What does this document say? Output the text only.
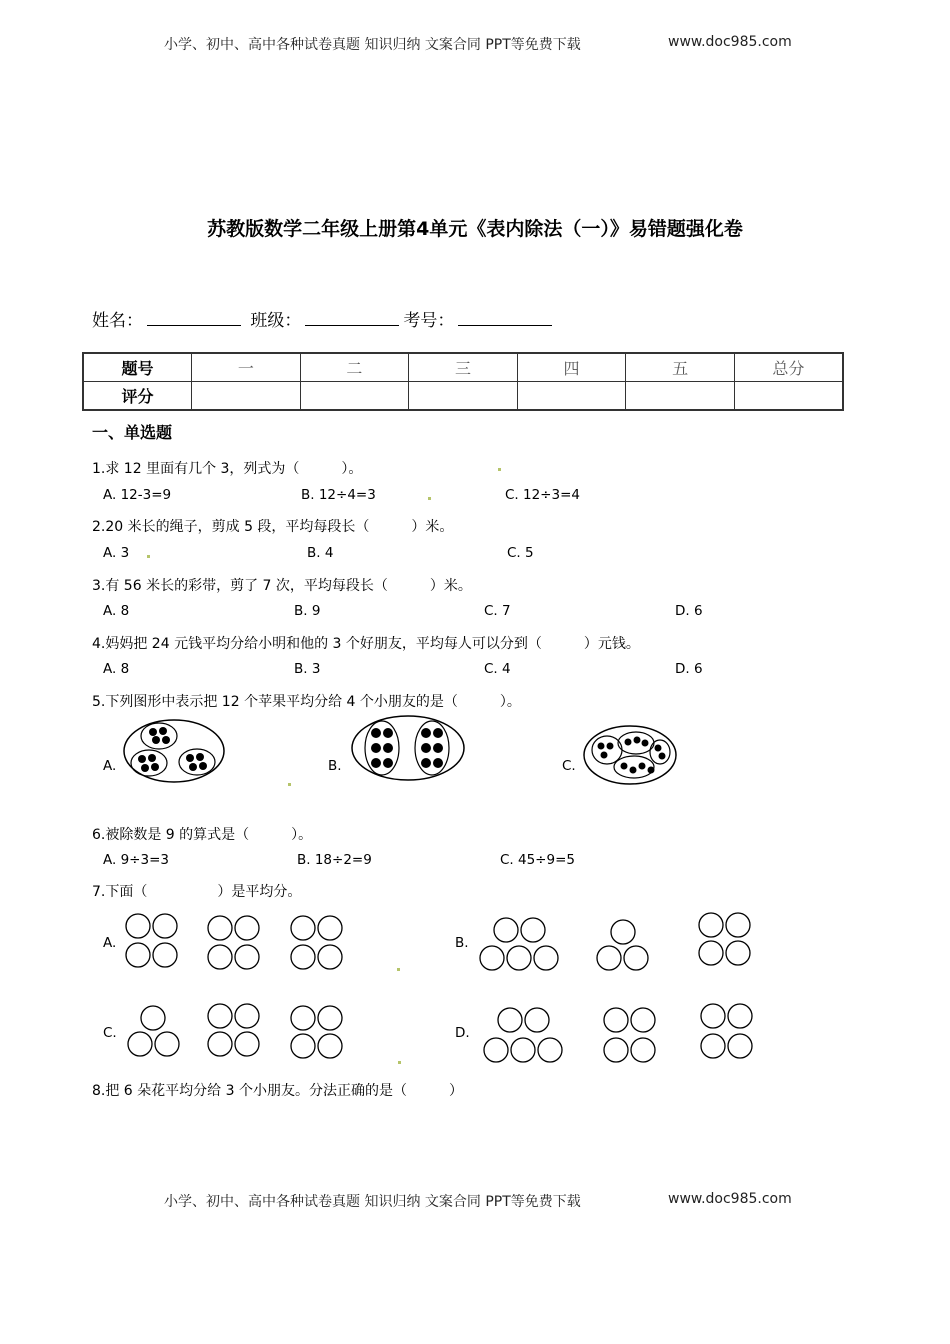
小学、初中、高中各种试卷真题 知识归纳 文案合同 PPT等免费下载	www.doc985.com
苏教版数学二年级上册第4单元《表内除法（一）》易错题强化卷
姓名：	班级：	考号：
题号	一	二	三	四	五	总分
评分						
一、单选题
1.求 12 里面有几个 3，列式为（　　　）。
A. 12-3=9	B. 12÷4=3	C. 12÷3=4
2.20 米长的绳子，剪成 5 段，平均每段长（　　　）米。
A. 3	B. 4	C. 5
3.有 56 米长的彩带，剪了 7 次，平均每段长（　　　）米。
A. 8	B. 9	C. 7	D. 6
4.妈妈把 24 元钱平均分给小明和他的 3 个好朋友，平均每人可以分到（　　　）元钱。
A. 8	B. 3	C. 4	D. 6
5.下列图形中表示把 12 个苹果平均分给 4 个小朋友的是（　　　）。
A.	B.	C.
6.被除数是 9 的算式是（　　　）。
A. 9÷3=3	B. 18÷2=9	C. 45÷9=5
7.下面（　　　　　）是平均分。
A.	B.
C.	D.
8.把 6 朵花平均分给 3 个小朋友。分法正确的是（　　　）
小学、初中、高中各种试卷真题 知识归纳 文案合同 PPT等免费下载	www.doc985.com
